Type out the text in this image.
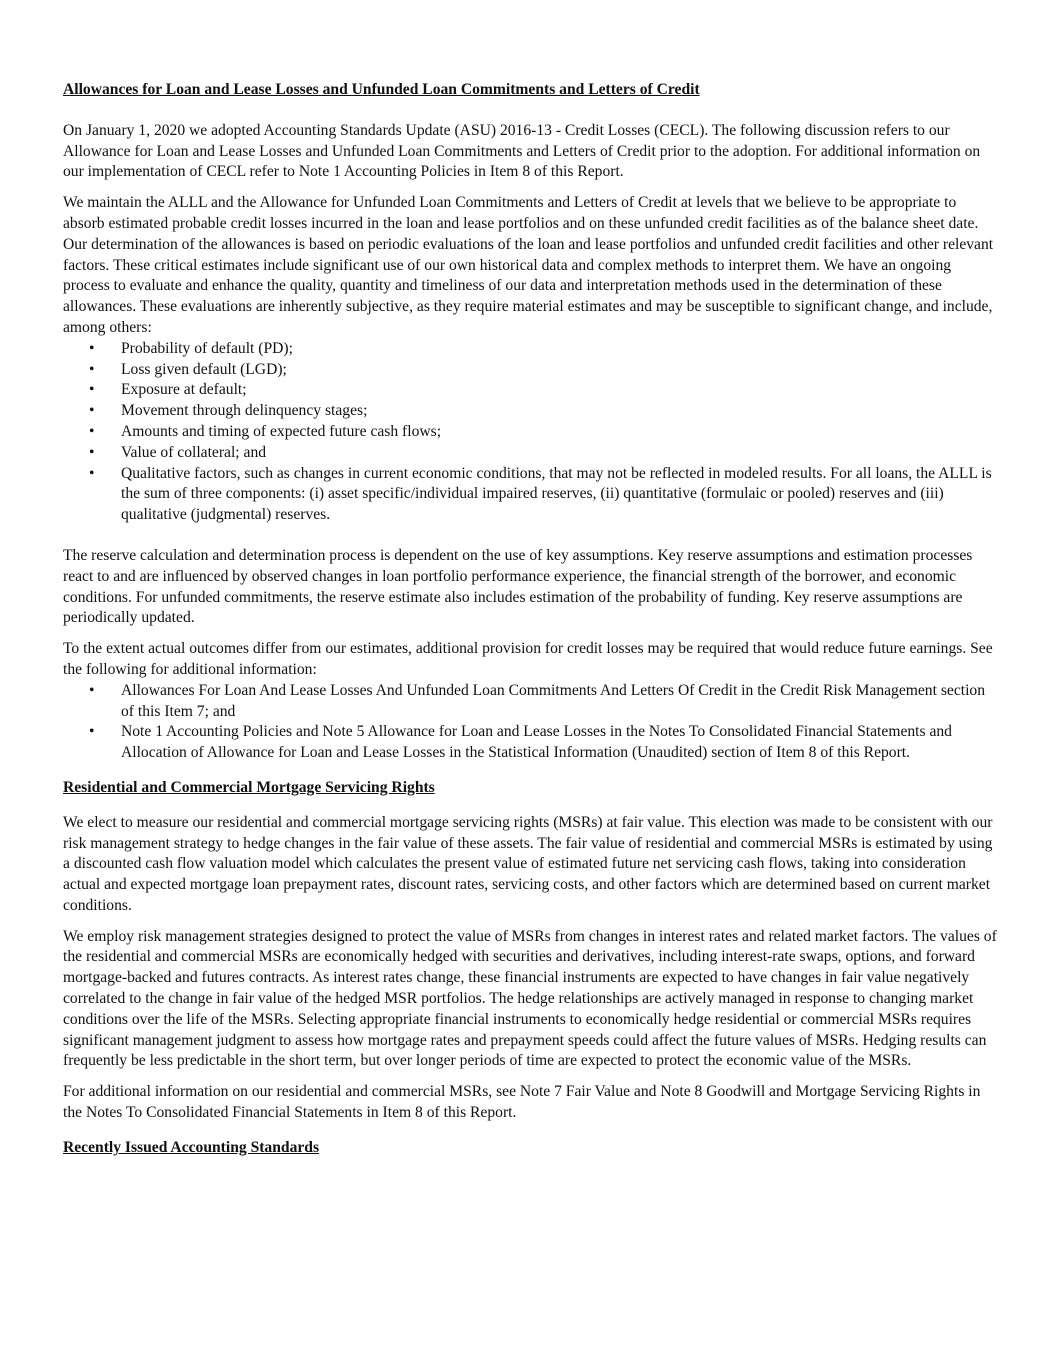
Allowances for Loan and Lease Losses and Unfunded Loan Commitments and Letters of Credit

On January 1, 2020 we adopted Accounting Standards Update (ASU) 2016-13 - Credit Losses (CECL). The following discussion refers to our Allowance for Loan and Lease Losses and Unfunded Loan Commitments and Letters of Credit prior to the adoption. For additional information on our implementation of CECL refer to Note 1 Accounting Policies in Item 8 of this Report.

We maintain the ALLL and the Allowance for Unfunded Loan Commitments and Letters of Credit at levels that we believe to be appropriate to absorb estimated probable credit losses incurred in the loan and lease portfolios and on these unfunded credit facilities as of the balance sheet date. Our determination of the allowances is based on periodic evaluations of the loan and lease portfolios and unfunded credit facilities and other relevant factors. These critical estimates include significant use of our own historical data and complex methods to interpret them. We have an ongoing process to evaluate and enhance the quality, quantity and timeliness of our data and interpretation methods used in the determination of these allowances. These evaluations are inherently subjective, as they require material estimates and may be susceptible to significant change, and include, among others:

• Probability of default (PD);
• Loss given default (LGD);
• Exposure at default;
• Movement through delinquency stages;
• Amounts and timing of expected future cash flows;
• Value of collateral; and
• Qualitative factors, such as changes in current economic conditions, that may not be reflected in modeled results. For all loans, the ALLL is the sum of three components: (i) asset specific/individual impaired reserves, (ii) quantitative (formulaic or pooled) reserves and (iii) qualitative (judgmental) reserves.

The reserve calculation and determination process is dependent on the use of key assumptions. Key reserve assumptions and estimation processes react to and are influenced by observed changes in loan portfolio performance experience, the financial strength of the borrower, and economic conditions. For unfunded commitments, the reserve estimate also includes estimation of the probability of funding. Key reserve assumptions are periodically updated.

To the extent actual outcomes differ from our estimates, additional provision for credit losses may be required that would reduce future earnings. See the following for additional information:

• Allowances For Loan And Lease Losses And Unfunded Loan Commitments And Letters Of Credit in the Credit Risk Management section of this Item 7; and
• Note 1 Accounting Policies and Note 5 Allowance for Loan and Lease Losses in the Notes To Consolidated Financial Statements and Allocation of Allowance for Loan and Lease Losses in the Statistical Information (Unaudited) section of Item 8 of this Report.
Residential and Commercial Mortgage Servicing Rights

We elect to measure our residential and commercial mortgage servicing rights (MSRs) at fair value. This election was made to be consistent with our risk management strategy to hedge changes in the fair value of these assets. The fair value of residential and commercial MSRs is estimated by using a discounted cash flow valuation model which calculates the present value of estimated future net servicing cash flows, taking into consideration actual and expected mortgage loan prepayment rates, discount rates, servicing costs, and other factors which are determined based on current market conditions.

We employ risk management strategies designed to protect the value of MSRs from changes in interest rates and related market factors. The values of the residential and commercial MSRs are economically hedged with securities and derivatives, including interest-rate swaps, options, and forward mortgage-backed and futures contracts. As interest rates change, these financial instruments are expected to have changes in fair value negatively correlated to the change in fair value of the hedged MSR portfolios. The hedge relationships are actively managed in response to changing market conditions over the life of the MSRs. Selecting appropriate financial instruments to economically hedge residential or commercial MSRs requires significant management judgment to assess how mortgage rates and prepayment speeds could affect the future values of MSRs. Hedging results can frequently be less predictable in the short term, but over longer periods of time are expected to protect the economic value of the MSRs.

For additional information on our residential and commercial MSRs, see Note 7 Fair Value and Note 8 Goodwill and Mortgage Servicing Rights in the Notes To Consolidated Financial Statements in Item 8 of this Report.

Recently Issued Accounting Standards
